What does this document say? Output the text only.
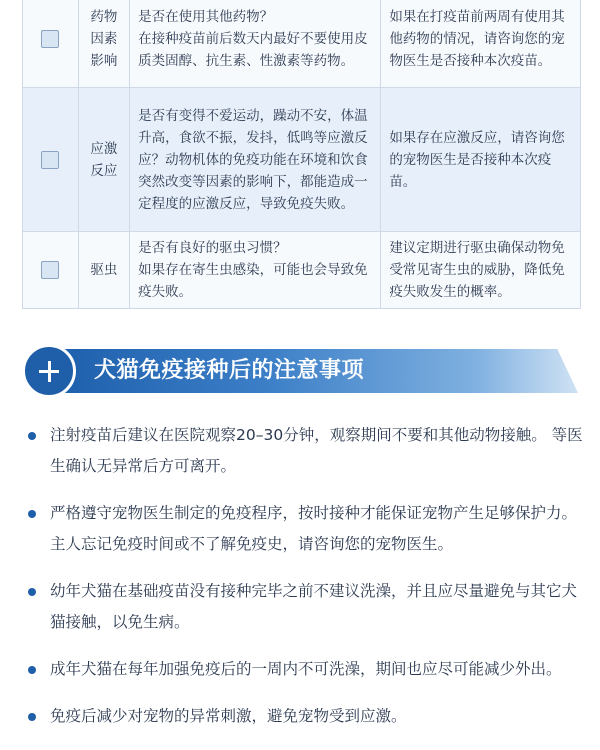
	药物因素影响	是否在使用其他药物？
在接种疫苗前后数天内最好不要使用皮质类固醇、抗生素、性激素等药物。	如果在打疫苗前两周有使用其他药物的情况，请咨询您的宠物医生是否接种本次疫苗。

	应激反应	是否有变得不爱运动，躁动不安，体温升高，食欲不振，发抖，低鸣等应激反应？动物机体的免疫功能在环境和饮食突然改变等因素的影响下，都能造成一定程度的应激反应，导致免疫失败。	如果存在应激反应，请咨询您的宠物医生是否接种本次疫苗。

	驱虫	是否有良好的驱虫习惯？
如果存在寄生虫感染，可能也会导致免疫失败。	建议定期进行驱虫确保动物免受常见寄生虫的威胁，降低免疫失败发生的概率。
犬猫免疫接种后的注意事项
注射疫苗后建议在医院观察20–30分钟，观察期间不要和其他动物接触。 等医生确认无异常后方可离开。
严格遵守宠物医生制定的免疫程序，按时接种才能保证宠物产生足够保护力。主人忘记免疫时间或不了解免疫史，请咨询您的宠物医生。
幼年犬猫在基础疫苗没有接种完毕之前不建议洗澡，并且应尽量避免与其它犬猫接触，以免生病。
成年犬猫在每年加强免疫后的一周内不可洗澡，期间也应尽可能减少外出。
免疫后减少对宠物的异常刺激，避免宠物受到应激。
